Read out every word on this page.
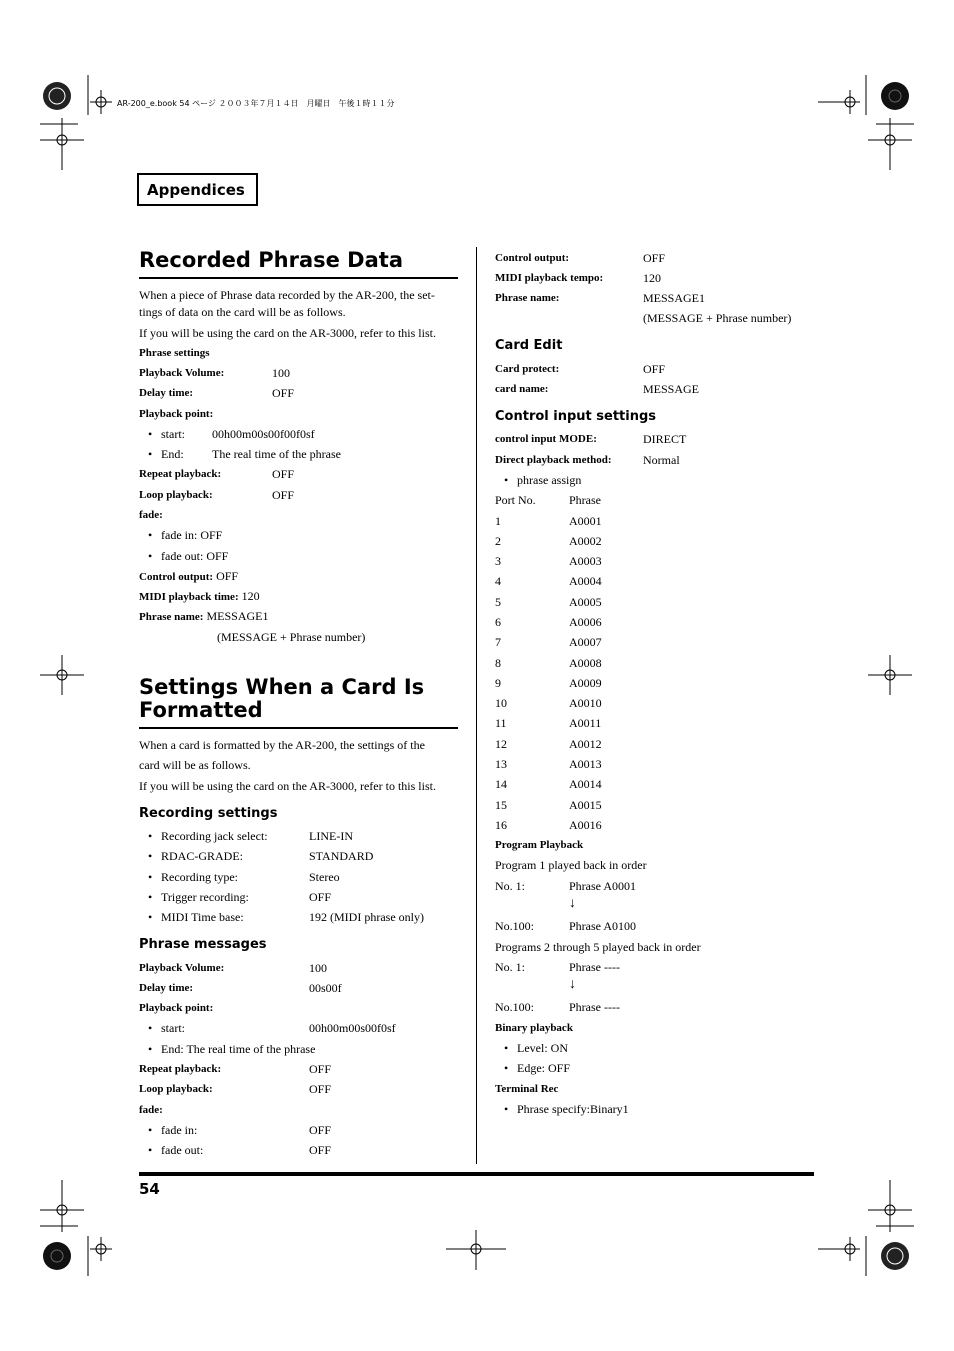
AR-200_e.book 54 ページ ２００３年７月１４日　月曜日　午後１時１１分
Appendices
Recorded Phrase Data
When a piece of Phrase data recorded by the AR-200, the set-
tings of data on the card will be as follows.
If you will be using the card on the AR-3000, refer to this list.
Phrase settings
Playback Volume:	100
Delay time:	OFF
Playback point:
• start: 00h00m00s00f00f0sf
• End: The real time of the phrase
Repeat playback:	OFF
Loop playback:	OFF
fade:
• fade in: OFF
• fade out: OFF
Control output: OFF
MIDI playback time: 120
Phrase name: MESSAGE1
(MESSAGE + Phrase number)
Settings When a Card Is
Formatted
When a card is formatted by the AR-200, the settings of the
card will be as follows.
If you will be using the card on the AR-3000, refer to this list.
Recording settings
• Recording jack select:	LINE-IN
• RDAC-GRADE:	STANDARD
• Recording type:	Stereo
• Trigger recording:	OFF
• MIDI Time base:	192 (MIDI phrase only)
Phrase messages
Playback Volume:	100
Delay time:	00s00f
Playback point:
• start:	00h00m00s00f0sf
• End: The real time of the phrase
Repeat playback:	OFF
Loop playback:	OFF
fade:
• fade in:	OFF
• fade out:	OFF
Control output:	OFF
MIDI playback tempo:	120
Phrase name:	MESSAGE1
(MESSAGE + Phrase number)
Card Edit
Card protect:	OFF
card name:	MESSAGE
Control input settings
control input MODE:	DIRECT
Direct playback method:	Normal
• phrase assign
Port No.	Phrase
1	A0001
2	A0002
3	A0003
4	A0004
5	A0005
6	A0006
7	A0007
8	A0008
9	A0009
10	A0010
11	A0011
12	A0012
13	A0013
14	A0014
15	A0015
16	A0016
Program Playback
Program 1 played back in order
No. 1:	Phrase A0001
↓
No.100:	Phrase A0100
Programs 2 through 5 played back in order
No. 1:	Phrase ----
↓
No.100:	Phrase ----
Binary playback
• Level: ON
• Edge: OFF
Terminal Rec
• Phrase specify:Binary1
54
